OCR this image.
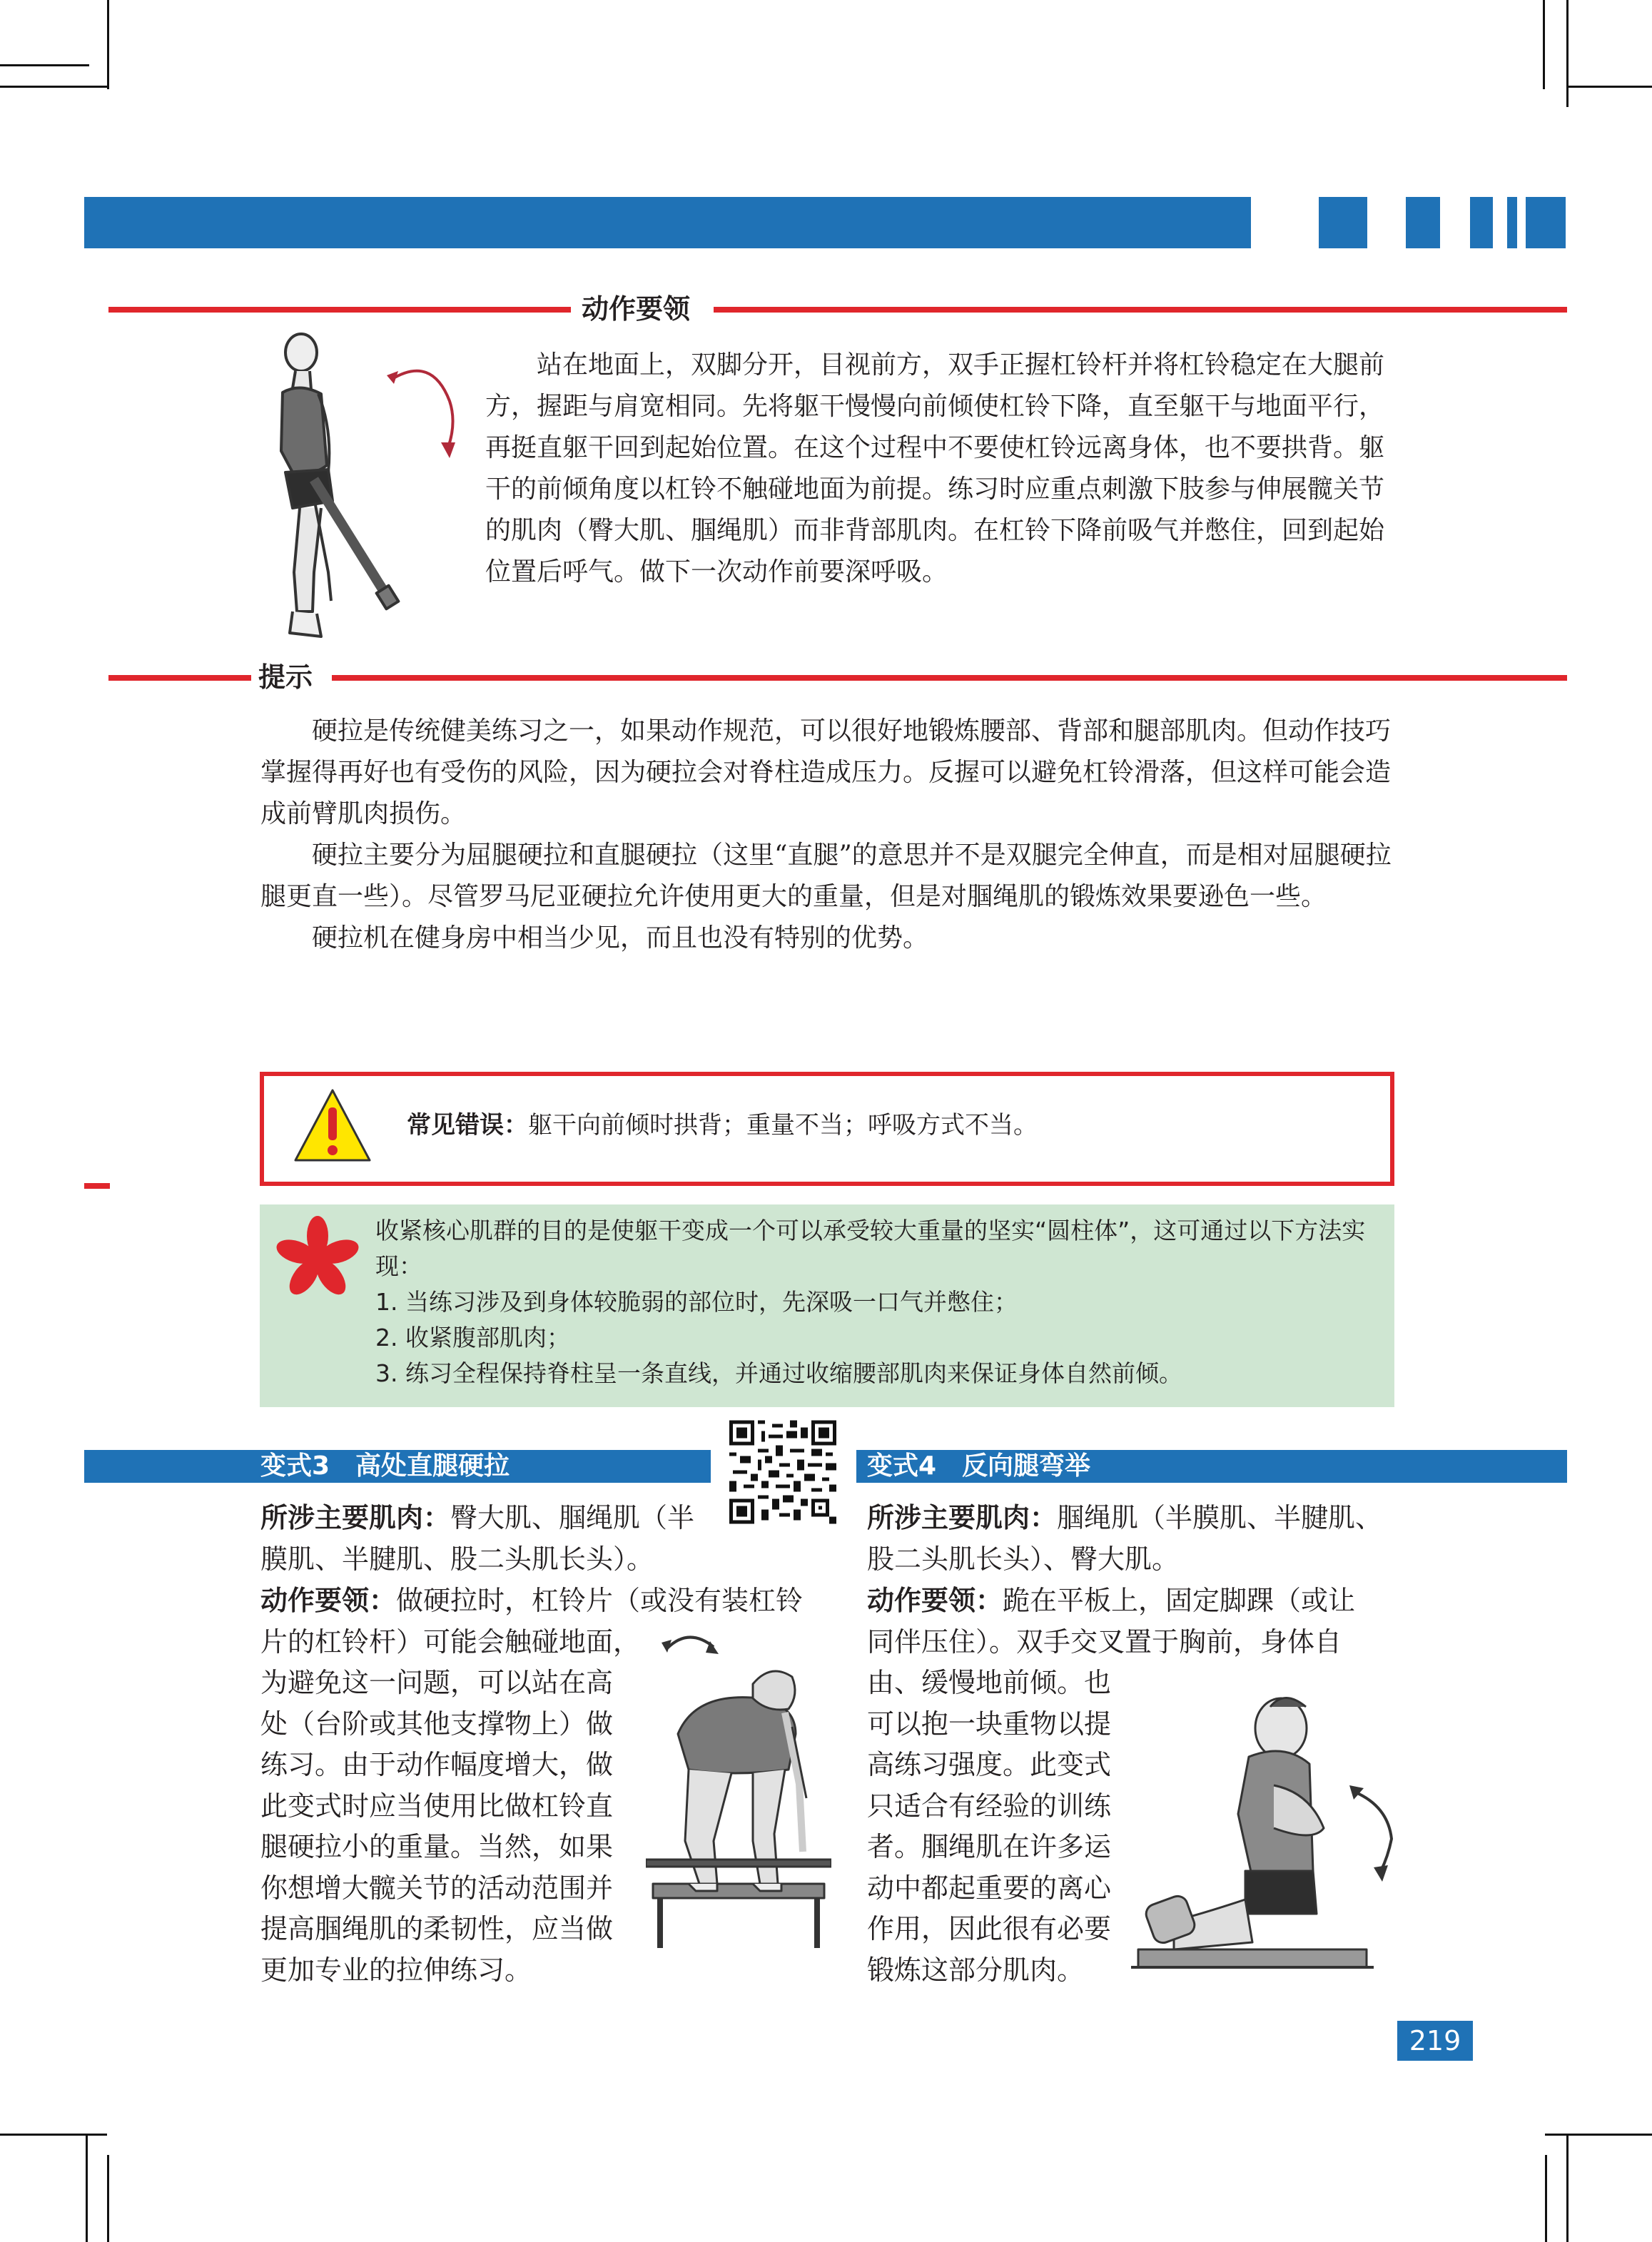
动作要领
站在地面上，双脚分开，目视前方，双手正握杠铃杆并将杠铃稳定在大腿前方，握距与肩宽相同。先将躯干慢慢向前倾使杠铃下降，直至躯干与地面平行，再挺直躯干回到起始位置。在这个过程中不要使杠铃远离身体，也不要拱背。躯干的前倾角度以杠铃不触碰地面为前提。练习时应重点刺激下肢参与伸展髋关节的肌肉（臀大肌、腘绳肌）而非背部肌肉。在杠铃下降前吸气并憋住，回到起始位置后呼气。做下一次动作前要深呼吸。
提示

硬拉是传统健美练习之一，如果动作规范，可以很好地锻炼腰部、背部和腿部肌肉。但动作技巧掌握得再好也有受伤的风险，因为硬拉会对脊柱造成压力。反握可以避免杠铃滑落，但这样可能会造成前臂肌肉损伤。

硬拉主要分为屈腿硬拉和直腿硬拉（这里“直腿”的意思并不是双腿完全伸直，而是相对屈腿硬拉腿更直一些）。尽管罗马尼亚硬拉允许使用更大的重量，但是对腘绳肌的锻炼效果要逊色一些。

硬拉机在健身房中相当少见，而且也没有特别的优势。

常见错误：躯干向前倾时拱背；重量不当；呼吸方式不当。
收紧核心肌群的目的是使躯干变成一个可以承受较大重量的坚实“圆柱体”，这可通过以下方法实现：
1. 当练习涉及到身体较脆弱的部位时，先深吸一口气并憋住；
2. 收紧腹部肌肉；
3. 练习全程保持脊柱呈一条直线，并通过收缩腰部肌肉来保证身体自然前倾。
变式3　高处直腿硬拉	变式4　反向腿弯举

所涉主要肌肉：臀大肌、腘绳肌（半膜肌、半腱肌、股二头肌长头）。

动作要领：做硬拉时，杠铃片（或没有装杠铃

片的杠铃杆）可能会触碰地面，

为避免这一问题，可以站在高

处（台阶或其他支撑物上）做

练习。由于动作幅度增大，做

此变式时应当使用比做杠铃直

腿硬拉小的重量。当然，如果

你想增大髋关节的活动范围并

提高腘绳肌的柔韧性，应当做

更加专业的拉伸练习。

所涉主要肌肉：腘绳肌（半膜肌、半腱肌、股二头肌长头）、臀大肌。

动作要领：跪在平板上，固定脚踝（或让

同伴压住）。双手交叉置于胸前，身体自

由、缓慢地前倾。也

可以抱一块重物以提

高练习强度。此变式

只适合有经验的训练

者。腘绳肌在许多运

动中都起重要的离心

作用，因此很有必要

锻炼这部分肌肉。

219
